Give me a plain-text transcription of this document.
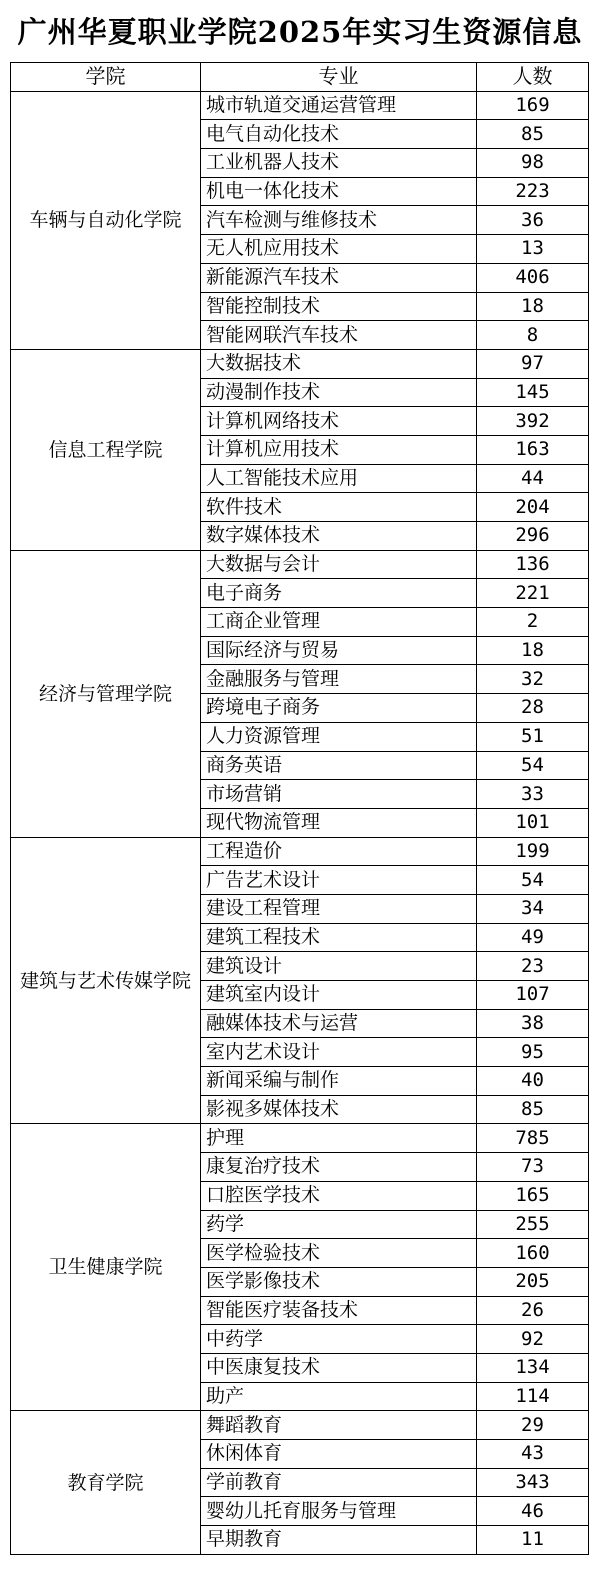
广州华夏职业学院2025年实习生资源信息
学院	专业	人数
车辆与自动化学院	城市轨道交通运营管理	169
	电气自动化技术	85
	工业机器人技术	98
	机电一体化技术	223
	汽车检测与维修技术	36
	无人机应用技术	13
	新能源汽车技术	406
	智能控制技术	18
	智能网联汽车技术	8
信息工程学院	大数据技术	97
	动漫制作技术	145
	计算机网络技术	392
	计算机应用技术	163
	人工智能技术应用	44
	软件技术	204
	数字媒体技术	296
经济与管理学院	大数据与会计	136
	电子商务	221
	工商企业管理	2
	国际经济与贸易	18
	金融服务与管理	32
	跨境电子商务	28
	人力资源管理	51
	商务英语	54
	市场营销	33
	现代物流管理	101
建筑与艺术传媒学院	工程造价	199
	广告艺术设计	54
	建设工程管理	34
	建筑工程技术	49
	建筑设计	23
	建筑室内设计	107
	融媒体技术与运营	38
	室内艺术设计	95
	新闻采编与制作	40
	影视多媒体技术	85
卫生健康学院	护理	785
	康复治疗技术	73
	口腔医学技术	165
	药学	255
	医学检验技术	160
	医学影像技术	205
	智能医疗装备技术	26
	中药学	92
	中医康复技术	134
	助产	114
教育学院	舞蹈教育	29
	休闲体育	43
	学前教育	343
	婴幼儿托育服务与管理	46
	早期教育	11
